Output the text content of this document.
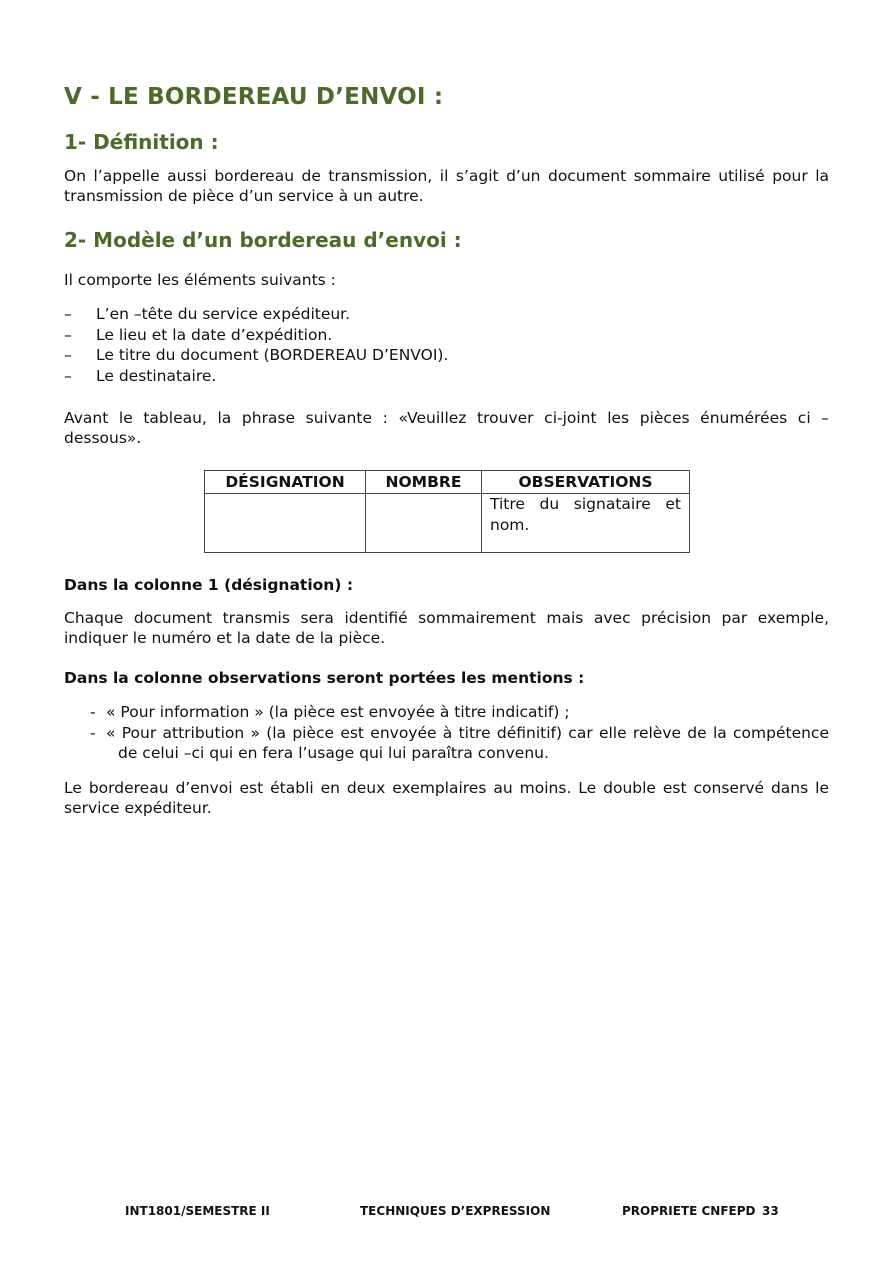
V - LE BORDEREAU D’ENVOI :
1- Définition :

On l’appelle aussi bordereau de transmission, il s’agit d’un document sommaire utilisé pour la transmission de pièce d’un service à un autre.

2- Modèle d’un bordereau d’envoi :

Il comporte les éléments suivants :

– L’en –tête du service expéditeur.
– Le lieu et la date d’expédition.
– Le titre du document (BORDEREAU D’ENVOI).
– Le destinataire.

Avant le tableau, la phrase suivante : «Veuillez trouver ci-joint les pièces énumérées ci – dessous».

DÉSIGNATION	NOMBRE	OBSERVATIONS
		Titre du signataire et nom.

Dans la colonne 1 (désignation) :

Chaque document transmis sera identifié sommairement mais avec précision par exemple, indiquer le numéro et la date de la pièce.

Dans la colonne observations seront portées les mentions :

- « Pour information » (la pièce est envoyée à titre indicatif) ;
- « Pour attribution » (la pièce est envoyée à titre définitif) car elle relève de la compétence de celui –ci qui en fera l’usage qui lui paraîtra convenu.

Le bordereau d’envoi est établi en deux exemplaires au moins. Le double est conservé dans le service expéditeur.

INT1801/SEMESTRE II	TECHNIQUES D’EXPRESSION	PROPRIETE CNFEPD 33
